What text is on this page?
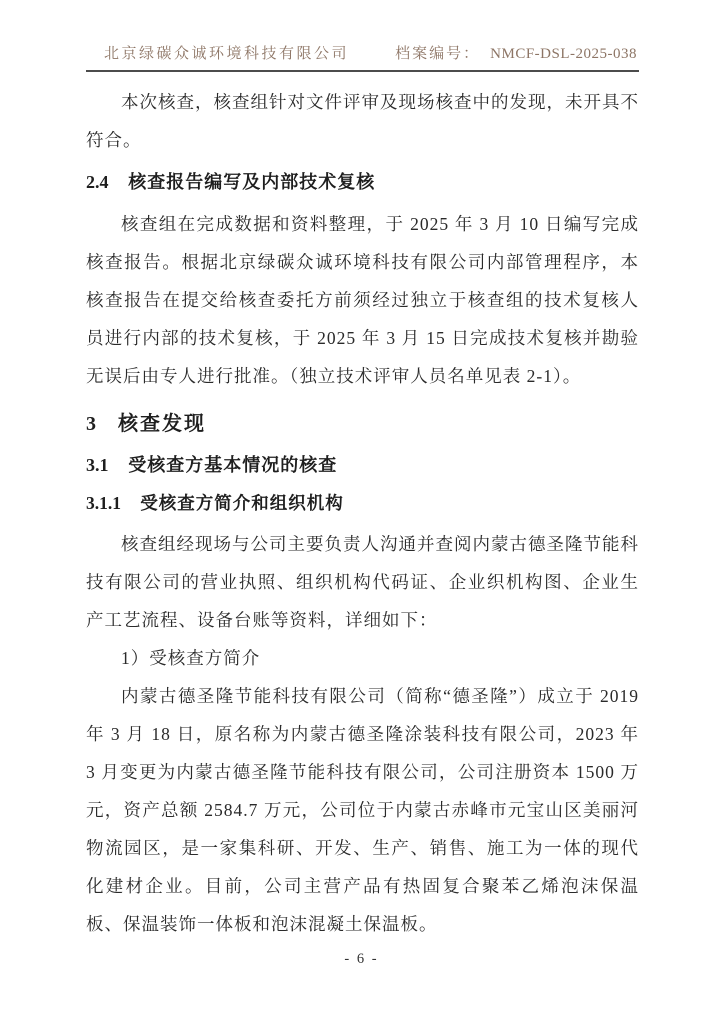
北京绿碳众诚环境科技有限公司	档案编号： NMCF-DSL-2025-038

本次核查，核查组针对文件评审及现场核查中的发现，未开具不符合。

2.4 核查报告编写及内部技术复核

核查组在完成数据和资料整理，于 2025 年 3 月 10 日编写完成核查报告。根据北京绿碳众诚环境科技有限公司内部管理程序，本核查报告在提交给核查委托方前须经过独立于核查组的技术复核人员进行内部的技术复核，于 2025 年 3 月 15 日完成技术复核并勘验无误后由专人进行批准。（独立技术评审人员名单见表 2-1）。

3 核查发现
3.1 受核查方基本情况的核查
3.1.1 受核查方简介和组织机构

核查组经现场与公司主要负责人沟通并查阅内蒙古德圣隆节能科技有限公司的营业执照、组织机构代码证、企业织机构图、企业生产工艺流程、设备台账等资料，详细如下：

1）受核查方简介

内蒙古德圣隆节能科技有限公司（简称“德圣隆”）成立于 2019 年 3 月 18 日，原名称为内蒙古德圣隆涂装科技有限公司，2023 年 3 月变更为内蒙古德圣隆节能科技有限公司，公司注册资本 1500 万元，资产总额 2584.7 万元，公司位于内蒙古赤峰市元宝山区美丽河物流园区，是一家集科研、开发、生产、销售、施工为一体的现代化建材企业。目前，公司主营产品有热固复合聚苯乙烯泡沫保温板、保温装饰一体板和泡沫混凝土保温板。

- 6 -
